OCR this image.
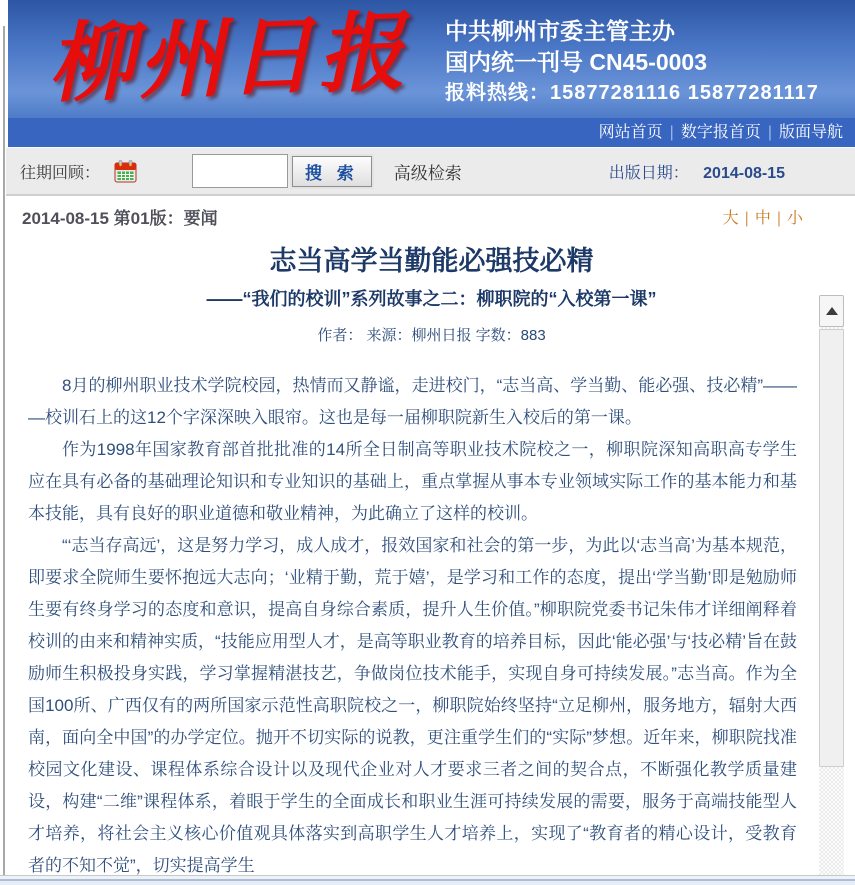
柳州日报	中共柳州市委主管主办
国内统一刊号 CN45-0003
报料热线：15877281116 15877281117
网站首页 | 数字报首页 | 版面导航
往期回顾：	搜 索	高级检索	出版日期： 2014-08-15
2014-08-15 第01版：要闻	大 | 中 | 小
志当高学当勤能必强技必精
——“我们的校训”系列故事之二：柳职院的“入校第一课”
作者： 来源：柳州日报 字数：883

8月的柳州职业技术学院校园，热情而又静谧，走进校门，“志当高、学当勤、能必强、技必精”—— —校训石上的这12个字深深映入眼帘。这也是每一届柳职院新生入校后的第一课。

作为1998年国家教育部首批批准的14所全日制高等职业技术院校之一，柳职院深知高职高专学生应在具有必备的基础理论知识和专业知识的基础上，重点掌握从事本专业领域实际工作的基本能力和基本技能，具有良好的职业道德和敬业精神，为此确立了这样的校训。

“‘志当存高远’，这是努力学习，成人成才，报效国家和社会的第一步，为此以‘志当高’为基本规范，即要求全院师生要怀抱远大志向；‘业精于勤，荒于嬉’，是学习和工作的态度，提出‘学当勤’即是勉励师生要有终身学习的态度和意识，提高自身综合素质，提升人生价值。”柳职院党委书记朱伟才详细阐释着校训的由来和精神实质，“技能应用型人才，是高等职业教育的培养目标，因此‘能必强’与‘技必精’旨在鼓励师生积极投身实践，学习掌握精湛技艺，争做岗位技术能手，实现自身可持续发展。”志当高。作为全国100所、广西仅有的两所国家示范性高职院校之一，柳职院始终坚持“立足柳州，服务地方，辐射大西南，面向全中国”的办学定位。抛开不切实际的说教，更注重学生们的“实际”梦想。近年来，柳职院找准校园文化建设、课程体系综合设计以及现代企业对人才要求三者之间的契合点，不断强化教学质量建设，构建“二维”课程体系，着眼于学生的全面成长和职业生涯可持续发展的需要，服务于高端技能型人才培养，将社会主义核心价值观具体落实到高职学生人才培养上，实现了“教育者的精心设计，受教育者的不知不觉”，切实提高学生
